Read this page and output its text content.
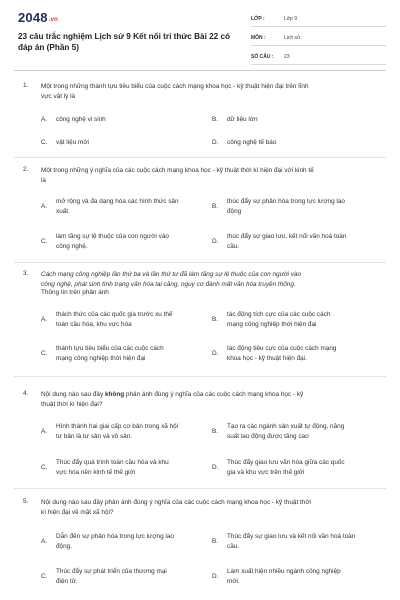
2048.vn
23 câu trắc nghiệm Lịch sử 9 Kết nối tri thức Bài 22 có đáp án (Phần 5)
LỚP :	Lớp 9
MÔN :	Lịch sử
SỐ CÂU : 23
1. Một trong những thành tựu tiêu biểu của cuộc cách mạng khoa học - kỹ thuật hiện đại trên lĩnh
vực vật lý là
A. công nghệ vi sinh	B. dữ liệu lớn
C. vật liệu mới	D. công nghệ tế bào
2. Một trong những ý nghĩa của các cuộc cách mạng khoa học - kỹ thuật thời kì hiện đại với kinh tế
là
A.
mở rộng và đa dạng hóa các hình thức sản
xuất.
B.
thúc đẩy sự phân hóa trong lực lượng lao
động
C.
làm tăng sự lệ thuộc của con người vào
công nghệ.
D.
thúc đẩy sự giao lưu, kết nối văn hoá toàn
cầu.
3. Cách mạng công nghiệp lần thứ ba và lần thứ tư đã làm tăng sự lệ thuộc của con người vào
công nghệ, phát sinh tình trạng văn hóa lai căng, nguy cơ đánh mất văn hóa truyền thống.
Thông tin trên phản ánh
A.
thách thức của các quốc gia trước xu thế
toàn cầu hóa, khu vực hóa
B.
tác động tích cực của các cuộc cách
mạng công nghiệp thời hiện đại
C.
thành tựu tiêu biểu của các cuộc cách
mạng công nghiệp thời hiện đại
D.
tác động tiêu cực của cuộc cách mạng
khoa học - kỹ thuật hiện đại.
4. Nội dung nào sau đây không phản ánh đúng ý nghĩa của các cuộc cách mạng khoa học - kỹ
thuật thời kì hiện đại?
A.
Hình thành hai giai cấp cơ bản trong xã hội
tư bản là tư sản và vô sản.
B.
Tạo ra các ngành sản xuất tự động, năng
suất lao động được tăng cao
C.
Thúc đẩy quá trình toàn cầu hóa và khu
vực hóa nền kinh tế thế giới
D.
Thúc đẩy giao lưu văn hóa giữa các quốc
gia và khu vực trên thế giới
5. Nội dung nào sau đây phản ánh đúng ý nghĩa của các cuộc cách mạng khoa học - kỹ thuật thời
kì hiện đại về mặt xã hội?
A.
Dẫn đến sự phân hóa trong lực lượng lao
động.
B.
Thúc đẩy sự giao lưu và kết nối văn hoá toàn
cầu.
C.
Thúc đẩy sự phát triển của thương mại
điện tử.
D.
Làm xuất hiện nhiều ngành công nghiệp
mới.
